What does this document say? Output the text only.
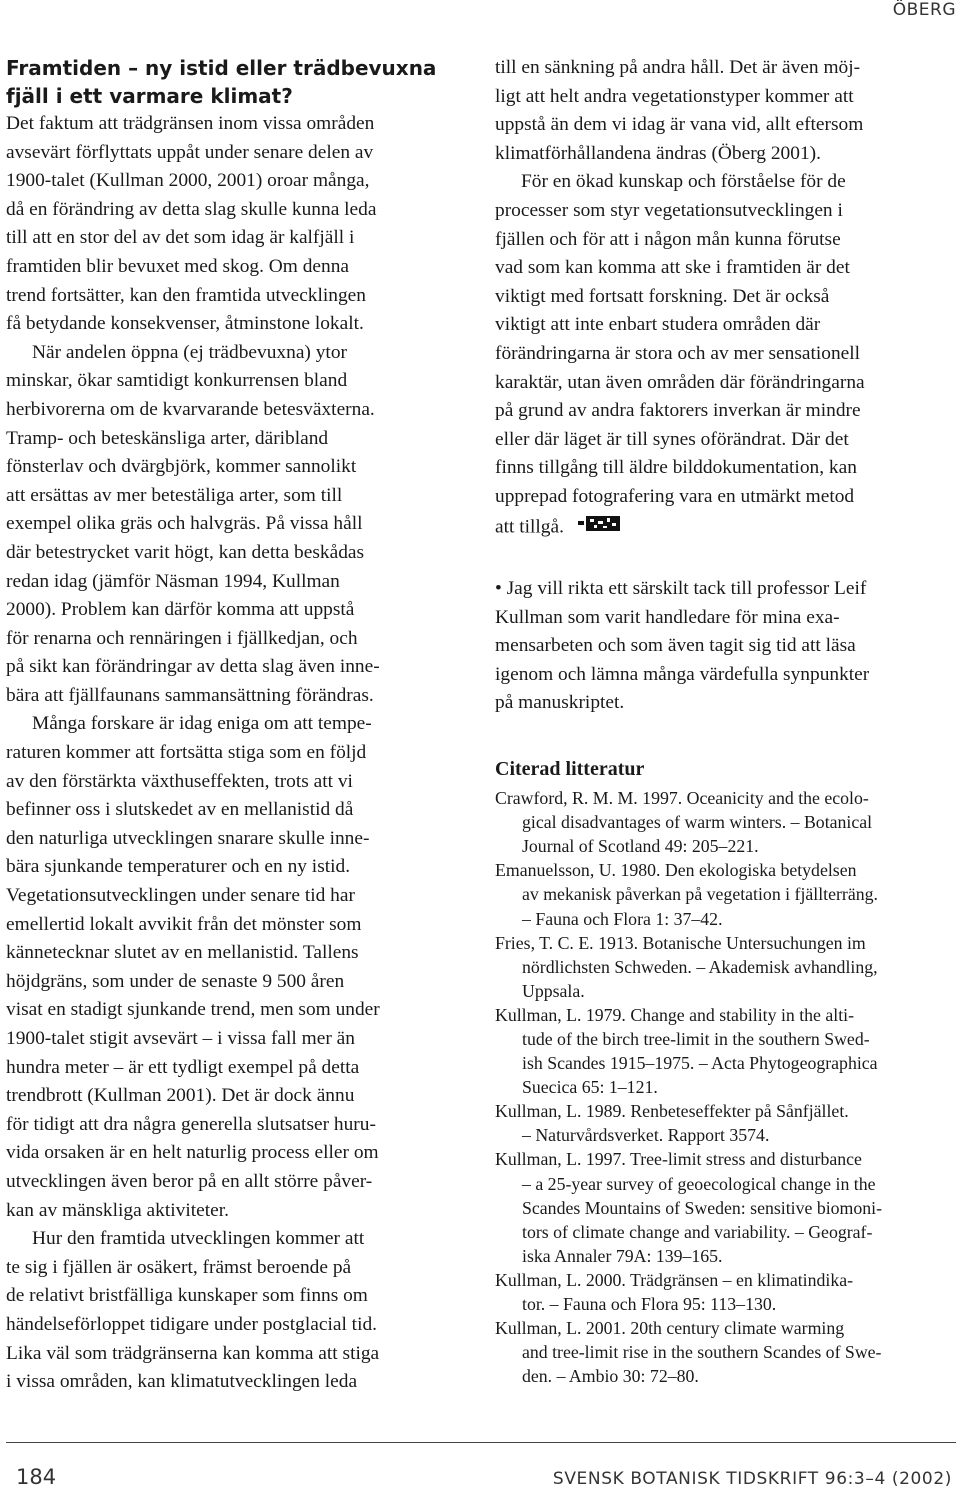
ÖBERG
Framtiden – ny istid eller trädbevuxna
fjäll i ett varmare klimat?

Det faktum att trädgränsen inom vissa områden
avsevärt förflyttats uppåt under senare delen av
1900-talet (Kullman 2000, 2001) oroar många,
då en förändring av detta slag skulle kunna leda
till att en stor del av det som idag är kalfjäll i
framtiden blir bevuxet med skog. Om denna
trend fortsätter, kan den framtida utvecklingen
få betydande konsekvenser, åtminstone lokalt.

När andelen öppna (ej trädbevuxna) ytor
minskar, ökar samtidigt konkurrensen bland
herbivorerna om de kvarvarande betesväxterna.
Tramp- och beteskänsliga arter, däribland
fönsterlav och dvärgbjörk, kommer sannolikt
att ersättas av mer betestäliga arter, som till
exempel olika gräs och halvgräs. På vissa håll
där betestrycket varit högt, kan detta beskådas
redan idag (jämför Näsman 1994, Kullman
2000). Problem kan därför komma att uppstå
för renarna och rennäringen i fjällkedjan, och
på sikt kan förändringar av detta slag även inne-
bära att fjällfaunans sammansättning förändras.

Många forskare är idag eniga om att tempe-
raturen kommer att fortsätta stiga som en följd
av den förstärkta växthuseffekten, trots att vi
befinner oss i slutskedet av en mellanistid då
den naturliga utvecklingen snarare skulle inne-
bära sjunkande temperaturer och en ny istid.
Vegetationsutvecklingen under senare tid har
emellertid lokalt avvikit från det mönster som
kännetecknar slutet av en mellanistid. Tallens
höjdgräns, som under de senaste 9 500 åren
visat en stadigt sjunkande trend, men som under
1900-talet stigit avsevärt – i vissa fall mer än
hundra meter – är ett tydligt exempel på detta
trendbrott (Kullman 2001). Det är dock ännu
för tidigt att dra några generella slutsatser huru-
vida orsaken är en helt naturlig process eller om
utvecklingen även beror på en allt större påver-
kan av mänskliga aktiviteter.

Hur den framtida utvecklingen kommer att
te sig i fjällen är osäkert, främst beroende på
de relativt bristfälliga kunskaper som finns om
händelseförloppet tidigare under postglacial tid.
Lika väl som trädgränserna kan komma att stiga
i vissa områden, kan klimatutvecklingen leda

till en sänkning på andra håll. Det är även möj-
ligt att helt andra vegetationstyper kommer att
uppstå än dem vi idag är vana vid, allt eftersom
klimatförhållandena ändras (Öberg 2001).

För en ökad kunskap och förståelse för de
processer som styr vegetationsutvecklingen i
fjällen och för att i någon mån kunna förutse
vad som kan komma att ske i framtiden är det
viktigt med fortsatt forskning. Det är också
viktigt att inte enbart studera områden där
förändringarna är stora och av mer sensationell
karaktär, utan även områden där förändringarna
på grund av andra faktorers inverkan är mindre
eller där läget är till synes oförändrat. Där det
finns tillgång till äldre bilddokumentation, kan
upprepad fotografering vara en utmärkt metod
att tillgå.

• Jag vill rikta ett särskilt tack till professor Leif
Kullman som varit handledare för mina exa-
mensarbeten och som även tagit sig tid att läsa
igenom och lämna många värdefulla synpunkter
på manuskriptet.
Citerad litteratur

Crawford, R. M. M. 1997. Oceanicity and the ecolo-
gical disadvantages of warm winters. – Botanical
Journal of Scotland 49: 205–221.

Emanuelsson, U. 1980. Den ekologiska betydelsen
av mekanisk påverkan på vegetation i fjällterräng.
– Fauna och Flora 1: 37–42.

Fries, T. C. E. 1913. Botanische Untersuchungen im
nördlichsten Schweden. – Akademisk avhandling,
Uppsala.

Kullman, L. 1979. Change and stability in the alti-
tude of the birch tree-limit in the southern Swed-
ish Scandes 1915–1975. – Acta Phytogeographica
Suecica 65: 1–121.

Kullman, L. 1989. Renbeteseffekter på Sånfjället.
– Naturvårdsverket. Rapport 3574.

Kullman, L. 1997. Tree-limit stress and disturbance
– a 25-year survey of geoecological change in the
Scandes Mountains of Sweden: sensitive biomoni-
tors of climate change and variability. – Geograf-
iska Annaler 79A: 139–165.

Kullman, L. 2000. Trädgränsen – en klimatindika-
tor. – Fauna och Flora 95: 113–130.

Kullman, L. 2001. 20th century climate warming
and tree-limit rise in the southern Scandes of Swe-
den. – Ambio 30: 72–80.

184	SVENSK BOTANISK TIDSKRIFT 96:3–4 (2002)
